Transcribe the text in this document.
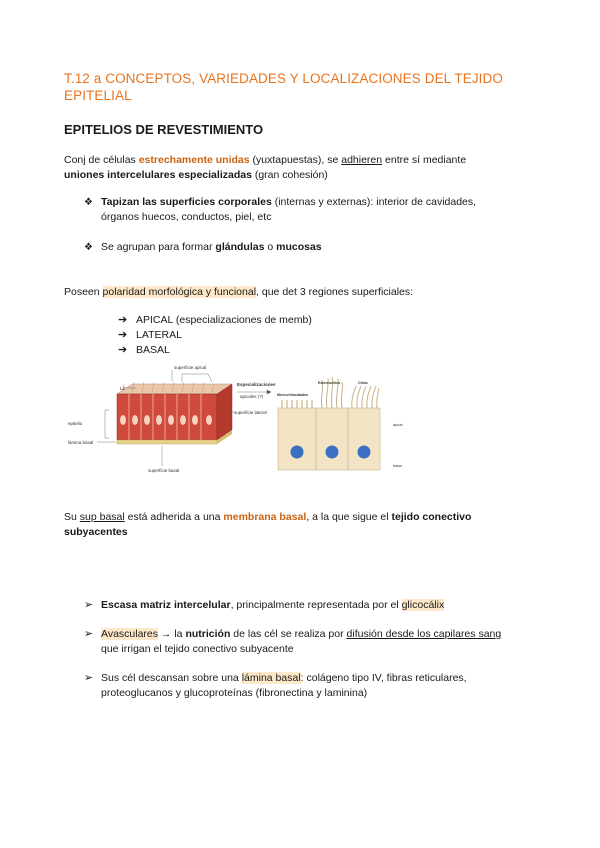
T.12 a CONCEPTOS, VARIEDADES Y LOCALIZACIONES DEL TEJIDO EPITELIAL
EPITELIOS DE REVESTIMIENTO
Conj de células estrechamente unidas (yuxtapuestas), se adhieren entre sí mediante
uniones intercelulares especializadas (gran cohesión)
❖ Tapizan las superficies corporales (internas y externas): interior de cavidades,
órganos huecos, conductos, piel, etc
❖ Se agrupan para formar glándulas o mucosas
Poseen polaridad morfológica y funcional, que det 3 regiones superficiales:
➔ APICAL (especializaciones de memb)
➔ LATERAL
➔ BASAL
superficie apical
LZ
superficie lateral
epitelio
lámina basal
superficie basal
Especializaciones
apicales (?)
Estereocilios	Cilios
Microvellosidades
apical
basal
Su sup basal está adherida a una membrana basal, a la que sigue el tejido conectivo
subyacentes
➢ Escasa matriz intercelular, principalmente representada por el glicocálix
➢ Avasculares → la nutrición de las cél se realiza por difusión desde los capilares sang
que irrigan el tejido conectivo subyacente
➢ Sus cél descansan sobre una lámina basal: colágeno tipo IV, fibras reticulares,
proteoglucanos y glucoproteínas (fibronectina y laminina)
